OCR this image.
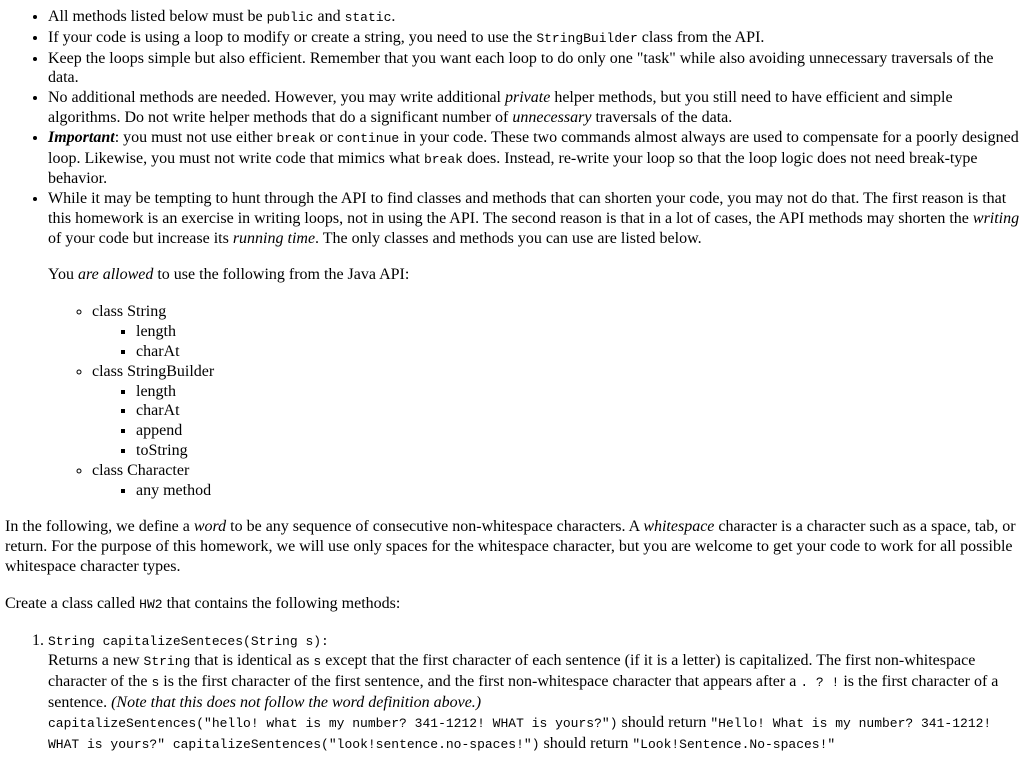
• All methods listed below must be public and static.
• If your code is using a loop to modify or create a string, you need to use the StringBuilder class from the API.
• Keep the loops simple but also efficient. Remember that you want each loop to do only one "task" while also avoiding unnecessary traversals of the data.
• No additional methods are needed. However, you may write additional private helper methods, but you still need to have efficient and simple algorithms. Do not write helper methods that do a significant number of unnecessary traversals of the data.
• Important: you must not use either break or continue in your code. These two commands almost always are used to compensate for a poorly designed loop. Likewise, you must not write code that mimics what break does. Instead, re-write your loop so that the loop logic does not need break-type behavior.
• While it may be tempting to hunt through the API to find classes and methods that can shorten your code, you may not do that. The first reason is that this homework is an exercise in writing loops, not in using the API. The second reason is that in a lot of cases, the API methods may shorten the writing of your code but increase its running time. The only classes and methods you can use are listed below.

You are allowed to use the following from the Java API:

◦ class String
▪ length
▪ charAt
◦ class StringBuilder
▪ length
▪ charAt
▪ append
▪ toString
◦ class Character
▪ any method

In the following, we define a word to be any sequence of consecutive non-whitespace characters. A whitespace character is a character such as a space, tab, or return. For the purpose of this homework, we will use only spaces for the whitespace character, but you are welcome to get your code to work for all possible whitespace character types.

Create a class called HW2 that contains the following methods:

1. String capitalizeSenteces(String s):
Returns a new String that is identical as s except that the first character of each sentence (if it is a letter) is capitalized. The first non-whitespace character of the s is the first character of the first sentence, and the first non-whitespace character that appears after a . ? ! is the first character of a sentence. (Note that this does not follow the word definition above.)
capitalizeSentences("hello! what is my number? 341-1212! WHAT is yours?") should return "Hello! What is my number? 341-1212! WHAT is yours?" capitalizeSentences("look!sentence.no-spaces!") should return "Look!Sentence.No-spaces!"
